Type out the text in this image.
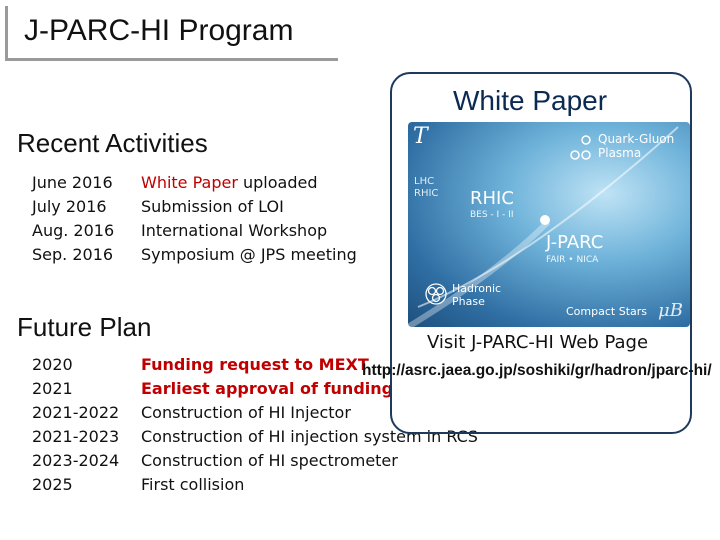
J-PARC-HI Program
Recent Activities
June 2016
July 2016
Aug. 2016
Sep. 2016
White Paper uploaded
Submission of LOI
International Workshop
Symposium @ JPS meeting
Future Plan
2020
2021
2021-2022
2021-2023
2023-2024
2025
Funding request to MEXT
Earliest approval of funding
Construction of HI Injector
Construction of HI injection system in RCS
Construction of HI spectrometer
First collision
White Paper
T	Quark-Gluon
Plasma
LHC
RHIC RHIC
BES - I - II
J-PARC
FAIR • NICA
Hadronic
Phase
Compact Stars μB
Visit J-PARC-HI Web Page
http://asrc.jaea.go.jp/soshiki/gr/hadron/jparc-hi/
